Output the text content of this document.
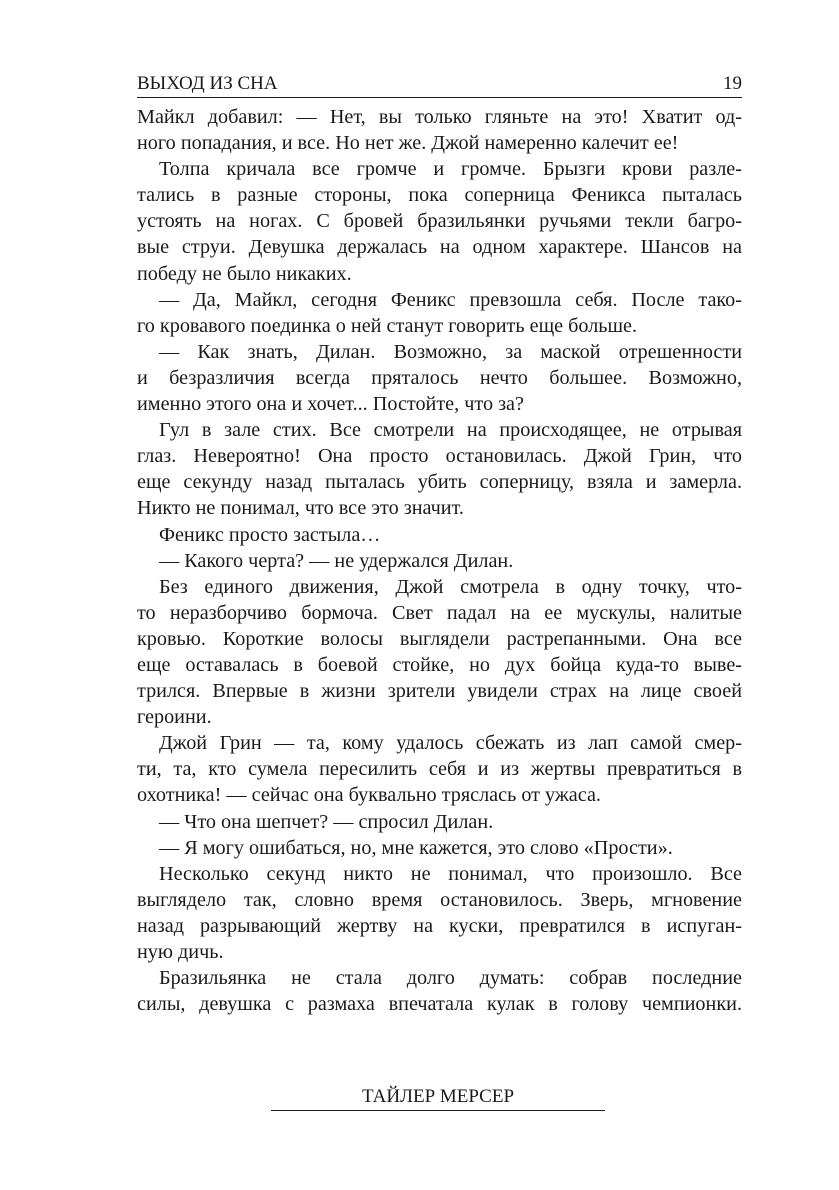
ВЫХОД ИЗ СНА	19
Майкл добавил: — Нет, вы только гляньте на это! Хватит од-
ного попадания, и все. Но нет же. Джой намеренно калечит ее!
Толпа кричала все громче и громче. Брызги крови разле-
тались в разные стороны, пока соперница Феникса пыталась
устоять на ногах. С бровей бразильянки ручьями текли багро-
вые струи. Девушка держалась на одном характере. Шансов на
победу не было никаких.
— Да, Майкл, сегодня Феникс превзошла себя. После тако-
го кровавого поединка о ней станут говорить еще больше.
— Как знать, Дилан. Возможно, за маской отрешенности
и безразличия всегда пряталось нечто большее. Возможно,
именно этого она и хочет... Постойте, что за?
Гул в зале стих. Все смотрели на происходящее, не отрывая
глаз. Невероятно! Она просто остановилась. Джой Грин, что
еще секунду назад пыталась убить соперницу, взяла и замерла.
Никто не понимал, что все это значит.
Феникс просто застыла…
— Какого черта? — не удержался Дилан.
Без единого движения, Джой смотрела в одну точку, что-
то неразборчиво бормоча. Свет падал на ее мускулы, налитые
кровью. Короткие волосы выглядели растрепанными. Она все
еще оставалась в боевой стойке, но дух бойца куда-то выве-
трился. Впервые в жизни зрители увидели страх на лице своей
героини.
Джой Грин — та, кому удалось сбежать из лап самой смер-
ти, та, кто сумела пересилить себя и из жертвы превратиться в
охотника! — сейчас она буквально тряслась от ужаса.
— Что она шепчет? — спросил Дилан.
— Я могу ошибаться, но, мне кажется, это слово «Прости».
Несколько секунд никто не понимал, что произошло. Все
выглядело так, словно время остановилось. Зверь, мгновение
назад разрывающий жертву на куски, превратился в испуган-
ную дичь.
Бразильянка не стала долго думать: собрав последние
силы, девушка с размаха впечатала кулак в голову чемпионки.
ТАЙЛЕР МЕРСЕР
